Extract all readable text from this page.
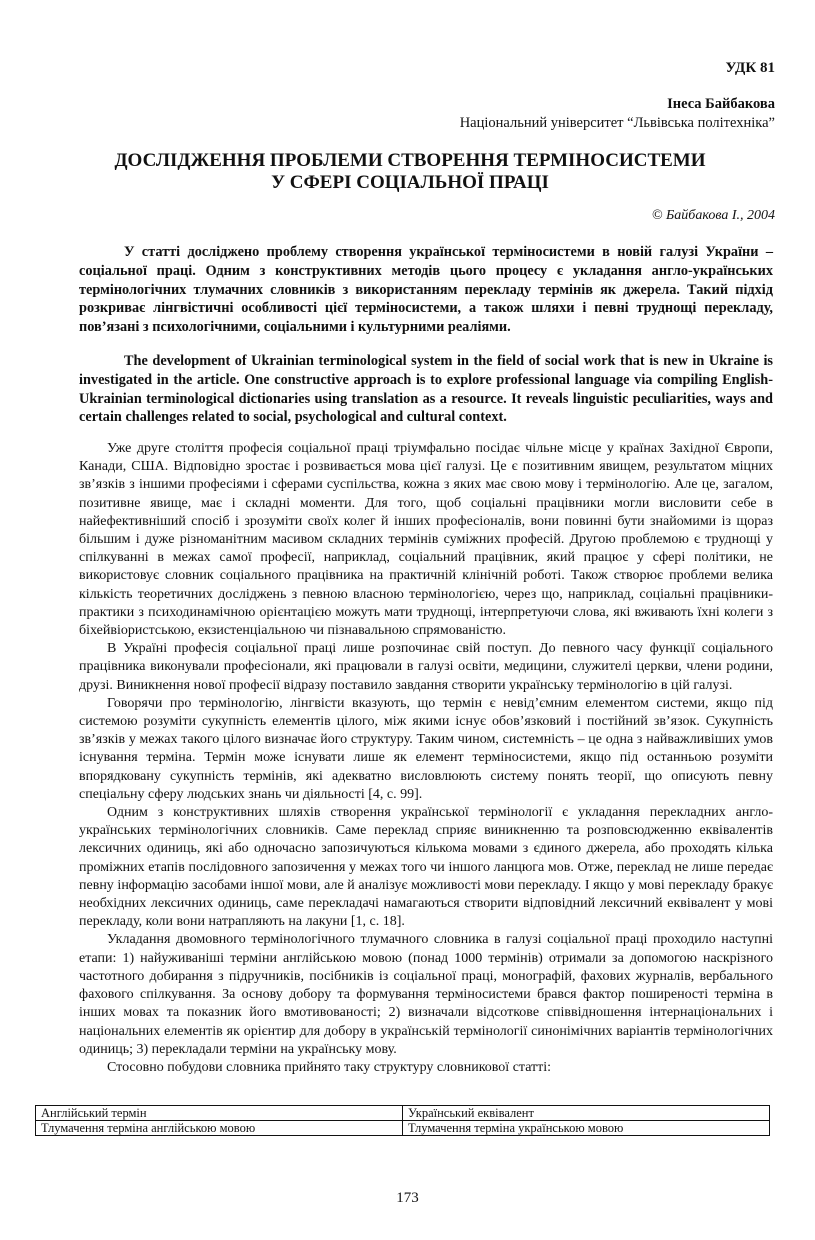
УДК 81
Інеса Байбакова
Національний університет “Львівська політехніка”
ДОСЛІДЖЕННЯ ПРОБЛЕМИ СТВОРЕННЯ ТЕРМІНОСИСТЕМИ
У СФЕРІ СОЦІАЛЬНОЇ ПРАЦІ
© Байбакова І., 2004

У статті досліджено проблему створення української терміносистеми в новій галузі України – соціальної праці. Одним з конструктивних методів цього процесу є укладання англо-українських термінологічних тлумачних словників з використанням перекладу термінів як джерела. Такий підхід розкриває лінгвістичні особливості цієї терміносистеми, а також шляхи і певні труднощі перекладу, пов’язані з психологічними, соціальними і культурними реаліями.

The development of Ukrainian terminological system in the field of social work that is new in Ukraine is investigated in the article. One constructive approach is to explore professional language via compiling English-Ukrainian terminological dictionaries using translation as a resource. It reveals linguistic peculiarities, ways and certain challenges related to social, psychological and cultural context.

Уже друге століття професія соціальної праці тріумфально посідає чільне місце у країнах Західної Європи, Канади, США. Відповідно зростає і розвивається мова цієї галузі. Це є позитивним явищем, результатом міцних зв’язків з іншими професіями і сферами суспільства, кожна з яких має свою мову і термінологію. Але це, загалом, позитивне явище, має і складні моменти. Для того, щоб соціальні працівники могли висловити себе в найефективніший спосіб і зрозуміти своїх колег й інших професіоналів, вони повинні бути знайомими із щораз більшим і дуже різноманітним масивом складних термінів суміжних професій. Другою проблемою є труднощі у спілкуванні в межах самої професії, наприклад, соціальний працівник, який працює у сфері політики, не використовує словник соціального працівника на практичній клінічній роботі. Також створює проблеми велика кількість теоретичних досліджень з певною власною термінологією, через що, наприклад, соціальні працівники-практики з психодинамічною орієнтацією можуть мати труднощі, інтерпретуючи слова, які вживають їхні колеги з біхейвіористською, екзистенціальною чи пізнавальною спрямованістю.

В Україні професія соціальної праці лише розпочинає свій поступ. До певного часу функції соціального працівника виконували професіонали, які працювали в галузі освіти, медицини, служителі церкви, члени родини, друзі. Виникнення нової професії відразу поставило завдання створити українську термінологію в цій галузі.

Говорячи про термінологію, лінгвісти вказують, що термін є невід’ємним елементом системи, якщо під системою розуміти сукупність елементів цілого, між якими існує обов’язковий і постійний зв’язок. Сукупність зв’язків у межах такого цілого визначає його структуру. Таким чином, системність – це одна з найважливіших умов існування терміна. Термін може існувати лише як елемент терміносистеми, якщо під останньою розуміти впорядковану сукупність термінів, які адекватно висловлюють систему понять теорії, що описують певну спеціальну сферу людських знань чи діяльності [4, с. 99].

Одним з конструктивних шляхів створення української термінології є укладання перекладних англо-українських термінологічних словників. Саме переклад сприяє виникненню та розповсюдженню еквівалентів лексичних одиниць, які або одночасно запозичуються кількома мовами з єдиного джерела, або проходять кілька проміжних етапів послідовного запозичення у межах того чи іншого ланцюга мов. Отже, переклад не лише передає певну інформацію засобами іншої мови, але й аналізує можливості мови перекладу. І якщо у мові перекладу бракує необхідних лексичних одиниць, саме перекладачі намагаються створити відповідний лексичний еквівалент у мові перекладу, коли вони натрапляють на лакуни [1, с. 18].

Укладання двомовного термінологічного тлумачного словника в галузі соціальної праці проходило наступні етапи: 1) найуживаніші терміни англійською мовою (понад 1000 термінів) отримали за допомогою наскрізного частотного добирання з підручників, посібників із соціальної праці, монографій, фахових журналів, вербального фахового спілкування. За основу добору та формування терміносистеми брався фактор поширеності терміна в інших мовах та показник його вмотивованості; 2) визначали відсоткове співвідношення інтернаціональних і національних елементів як орієнтир для добору в українській термінології синонімічних варіантів термінологічних одиниць; 3) перекладали терміни на українську мову.

Стосовно побудови словника прийнято таку структуру словникової статті:

Англійський термін	Український еквівалент
Тлумачення терміна англійською мовою	Тлумачення терміна українською мовою
173
